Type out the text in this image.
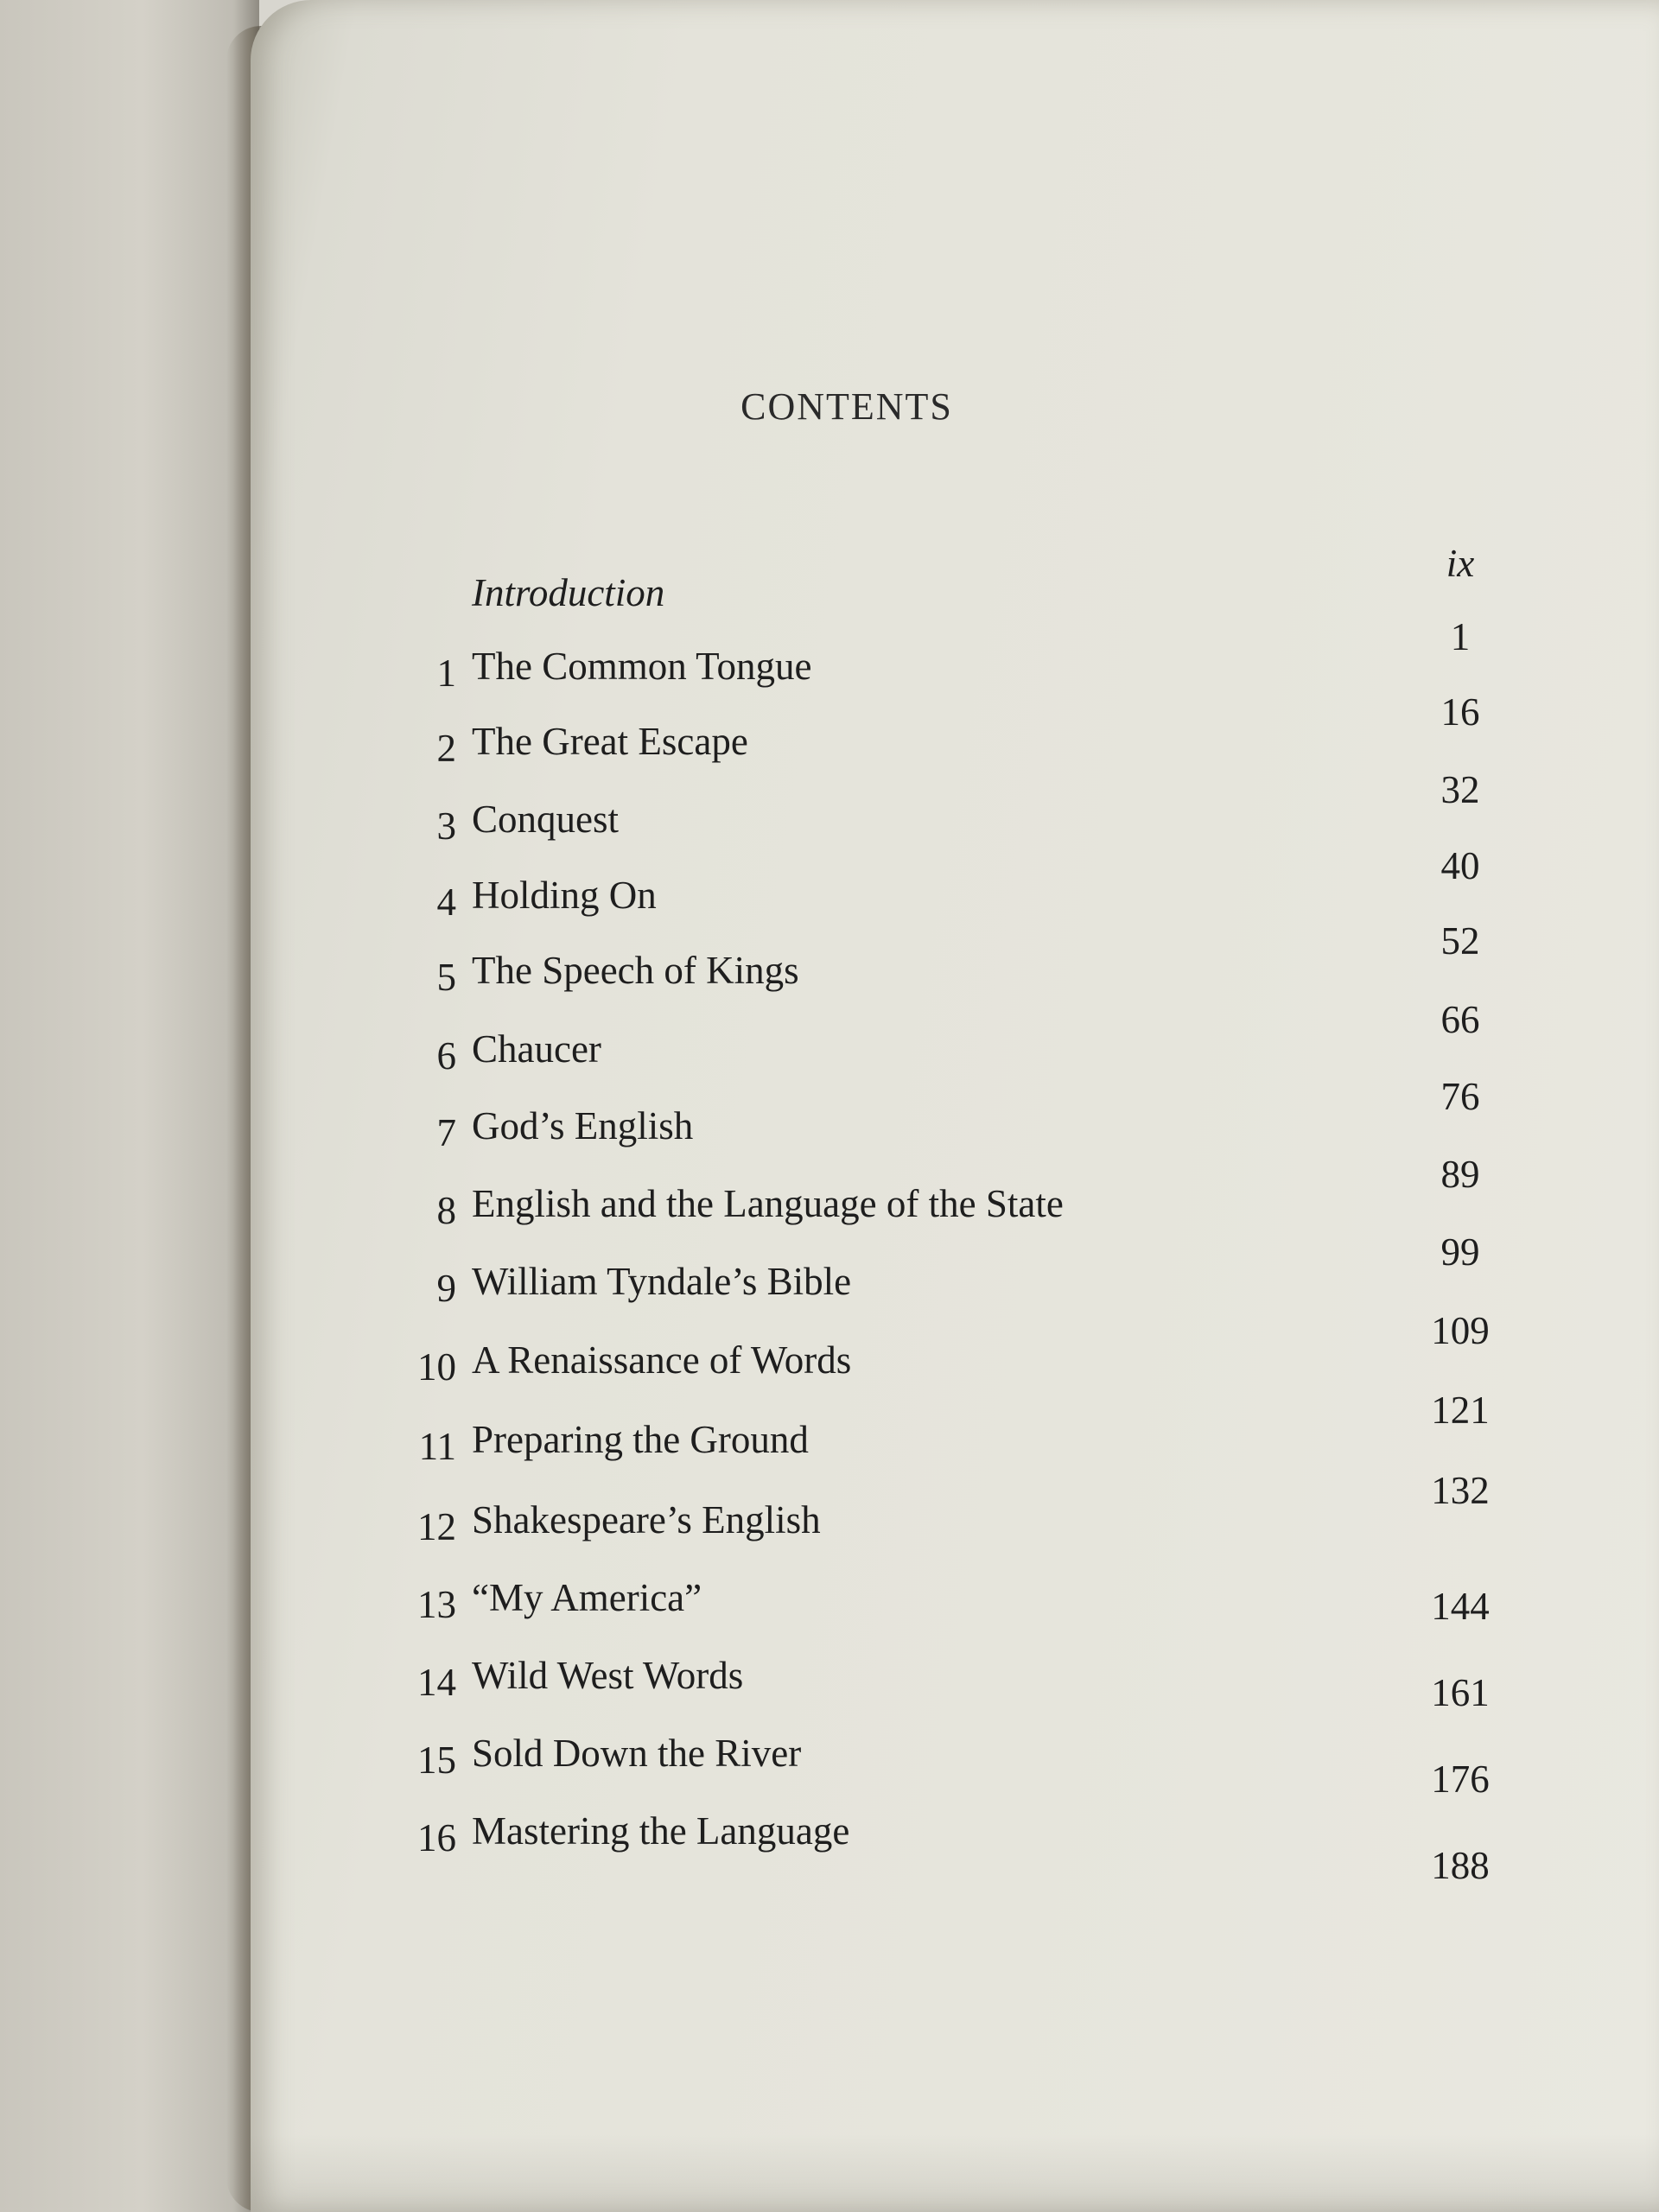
CONTENTS
Introduction
ix
1 The Common Tongue
1
2 The Great Escape
16
3 Conquest
32
4 Holding On
40
5 The Speech of Kings
52
6 Chaucer
66
7 God’s English
76
8 English and the Language of the State
89
9 William Tyndale’s Bible
99
10 A Renaissance of Words
109
11 Preparing the Ground
121
12 Shakespeare’s English
132
13 “My America”	144
14 Wild West Words	161
15 Sold Down the River
176
16 Mastering the Language
188
